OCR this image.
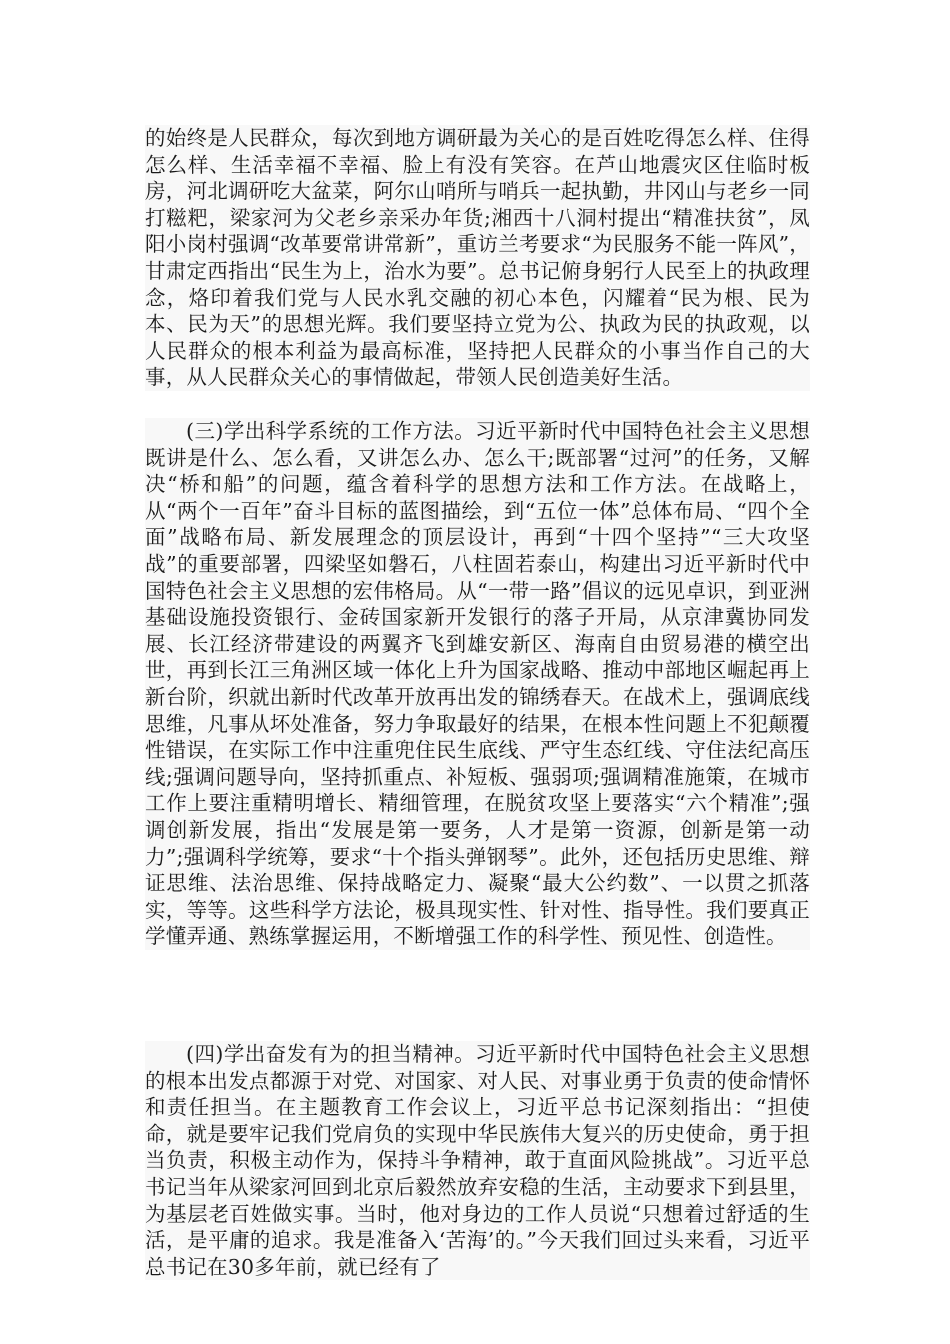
的始终是人民群众，每次到地方调研最为关心的是百姓吃得怎么样、住得怎么样、生活幸福不幸福、脸上有没有笑容。在芦山地震灾区住临时板房，河北调研吃大盆菜，阿尔山哨所与哨兵一起执勤，井冈山与老乡一同打糍粑，梁家河为父老乡亲采办年货;湘西十八洞村提出“精准扶贫”，凤阳小岗村强调“改革要常讲常新”，重访兰考要求“为民服务不能一阵风”，甘肃定西指出“民生为上，治水为要”。总书记俯身躬行人民至上的执政理念，烙印着我们党与人民水乳交融的初心本色，闪耀着“民为根、民为本、民为天”的思想光辉。我们要坚持立党为公、执政为民的执政观，以人民群众的根本利益为最高标准，坚持把人民群众的小事当作自己的大事，从人民群众关心的事情做起，带领人民创造美好生活。

(三)学出科学系统的工作方法。习近平新时代中国特色社会主义思想既讲是什么、怎么看，又讲怎么办、怎么干;既部署“过河”的任务，又解决“桥和船”的问题，蕴含着科学的思想方法和工作方法。在战略上，从“两个一百年”奋斗目标的蓝图描绘，到“五位一体”总体布局、“四个全面”战略布局、新发展理念的顶层设计，再到“十四个坚持”“三大攻坚战”的重要部署，四梁坚如磐石，八柱固若泰山，构建出习近平新时代中国特色社会主义思想的宏伟格局。从“一带一路”倡议的远见卓识，到亚洲基础设施投资银行、金砖国家新开发银行的落子开局，从京津冀协同发展、长江经济带建设的两翼齐飞到雄安新区、海南自由贸易港的横空出世，再到长江三角洲区域一体化上升为国家战略、推动中部地区崛起再上新台阶，织就出新时代改革开放再出发的锦绣春天。在战术上，强调底线思维，凡事从坏处准备，努力争取最好的结果，在根本性问题上不犯颠覆性错误，在实际工作中注重兜住民生底线、严守生态红线、守住法纪高压线;强调问题导向，坚持抓重点、补短板、强弱项;强调精准施策，在城市工作上要注重精明增长、精细管理，在脱贫攻坚上要落实“六个精准”;强调创新发展，指出“发展是第一要务，人才是第一资源，创新是第一动力”;强调科学统筹，要求“十个指头弹钢琴”。此外，还包括历史思维、辩证思维、法治思维、保持战略定力、凝聚“最大公约数”、一以贯之抓落实，等等。这些科学方法论，极具现实性、针对性、指导性。我们要真正学懂弄通、熟练掌握运用，不断增强工作的科学性、预见性、创造性。

(四)学出奋发有为的担当精神。习近平新时代中国特色社会主义思想的根本出发点都源于对党、对国家、对人民、对事业勇于负责的使命情怀和责任担当。在主题教育工作会议上，习近平总书记深刻指出：“担使命，就是要牢记我们党肩负的实现中华民族伟大复兴的历史使命，勇于担当负责，积极主动作为，保持斗争精神，敢于直面风险挑战”。习近平总书记当年从梁家河回到北京后毅然放弃安稳的生活，主动要求下到县里，为基层老百姓做实事。当时，他对身边的工作人员说“只想着过舒适的生活，是平庸的追求。我是准备入‘苦海’的。”今天我们回过头来看，习近平总书记在30多年前，就已经有了
